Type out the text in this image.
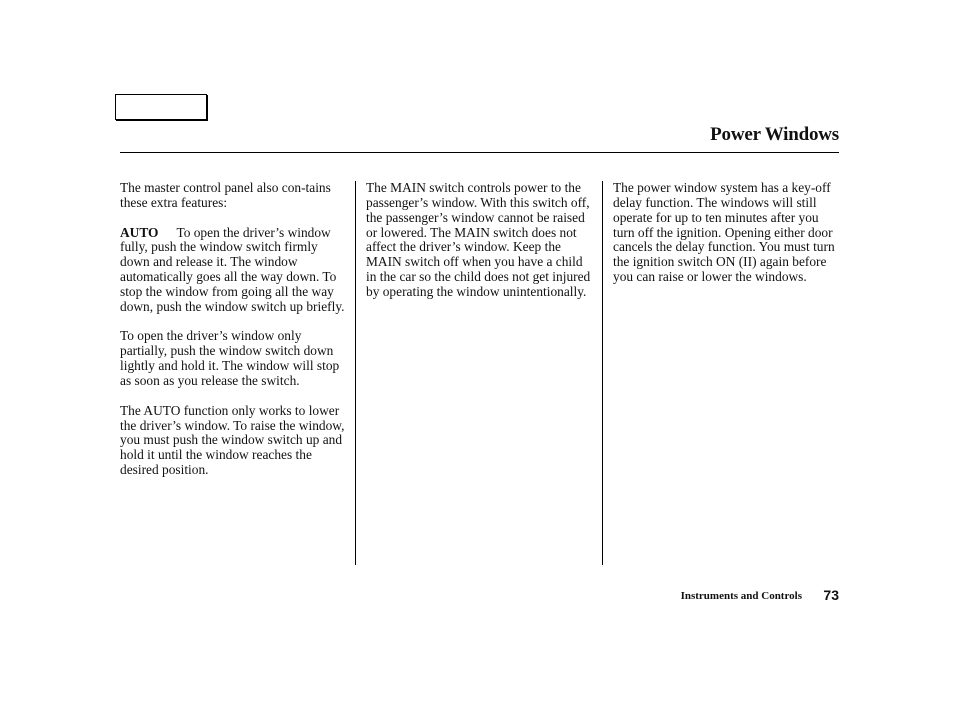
Power Windows

The master control panel also con-tains these extra features:

AUTO To open the driver’s window fully, push the window switch firmly down and release it. The window automatically goes all the way down. To stop the window from going all the way down, push the window switch up briefly.

To open the driver’s window only partially, push the window switch down lightly and hold it. The window will stop as soon as you release the switch.

The AUTO function only works to lower the driver’s window. To raise the window, you must push the window switch up and hold it until the window reaches the desired position.

The MAIN switch controls power to the passenger’s window. With this switch off, the passenger’s window cannot be raised or lowered. The MAIN switch does not affect the driver’s window. Keep the MAIN switch off when you have a child in the car so the child does not get injured by operating the window unintentionally.

The power window system has a key-off delay function. The windows will still operate for up to ten minutes after you turn off the ignition. Opening either door cancels the delay function. You must turn the ignition switch ON (II) again before you can raise or lower the windows.

Instruments and Controls 73
